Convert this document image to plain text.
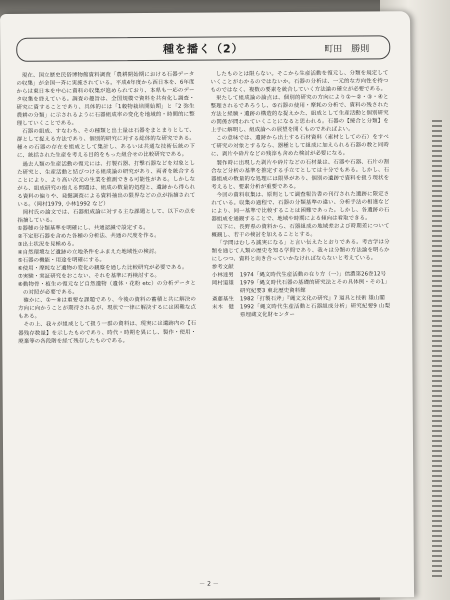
種を播く（2）	町田　勝則

現在、国立歴史民俗博物館資料調査「農耕開始期における石器データの収集」が全国一斉に実施されている。平成4年度から西日本を、6年度からは東日本を中心に資料の収集が進められており、本県も一応のデータ収集を終えている。調査の趣旨は、全国規模で資料を共有化し調査・研究に資することであり、具体的には「1穀物栽培開始期」と「2 弥生農耕の分類」に示されるように石器組成率の変化を地域的・時間的に整理していくことである。

石器の組成、すなわち、その種類と出土量は石器をまとまりとして、群として捉える方法であり、個別的研究に対する総体的な研究である。種々の石器の存在を組成として集計し、あるいは共通な技術伝統の下に、統括された生産を考える目的をもった組合せの比較研究である。

過去人類の生産活動の復元には、打製石器、打撃石器などを対象とした研究と、生産活動と結びつける組成論の研究があり、両者を統合することにより、より高い次元の生業を推測できる可能性がある。しかしながら、組成研究の抱える問題は、組成の数量的処理と、遺跡から得られる資料の偏りや、発掘調査による資料抽出の限界などの点が指摘されている。（岡村1979, 小林1992 など）

岡村氏の論文では、石器組成論に対する主な課題として、以下の点を指摘している。

①器種の分類基準を明確にし、共通認識で設定する。
②不定形石器を含めた各種の分析法、共通の尺度を作る。
③出土状況を見極める。
④自然環境など遺跡の立地条件をふまえた地域性の検討。
⑤石器の機能・用途を明確にする。
⑥使用・摩耗など遺物の変化の観察を通した比較研究が必要である。
⑦実験・実証研究をおこない、それを基準に再検討する。
⑧動物骨・植生の復元など自然遺物（遺体・花粉 etc）の分析データとの対照が必要である。

確かに、①〜⑧は重要な課題であり、今後の資料の蓄積と共に解決の方向に向かうことが期待されるが、現状で一律に解決するには困難な点もある。

その上、我々が組成として扱う一群の資料は、現実には遺跡内の【石器残存数量】を示したものであり、時代・時期を異にし、製作・使用・廃棄等の各段階を経て残存したものである。

したものとは限らない。そこから生産活動を復元し、分類を規定していくことがわかるのではないか。石器の分析は、一元的な方向性を持つものではなく、複数の要素を統合していく方法論の確立が必要である。

果たして組成論の論点は、個別的研究の方向により①〜②・③・④と整理されるであろうし、⑤石器の使用・摩耗の分析で、資料の残された方法と経験・遺跡の構造的な捉えかた、組成として生産活動と個別研究の関係が問われていくことになると思われる。石器の【接合と分類】を上手に解明し、組成論への展望を開くものであればよい。

この意味では、遺跡から出土する石材資料（素材としての石）をすべて研究の対象とするなら、器種として組成に加えられる石器の数と同時に、剥片や砕片などの残滓も含めた検討が必要になる。

製作時に出現した剥片や砕片などの石材量は、石器や石器、石片の割合など分析の基準を推定する手立てとしては十分でもある。しかし、石器組成の数量的な処理には限界があり、個別の遺跡で資料を扱う現状を考えると、要素分析が重要である。

今回の資料収集は、原則として調査報告書の刊行された遺跡に限定されている。収集の過程で、石器の分類基準の違い、分析手法の相違などにより、同一基準で比較することは困難であった。しかし、各遺跡の石器組成を通観することで、地域や時期による傾向は看取できる。

以下に、長野県の資料から、石器組成の地域差および時期差について概観し、若干の検討を加えることとする。

「学問はむしろ誠実になる」と言い伝えたとおりである。考古学は分類を通じて人類の歴史を知る学問であり、我々は分類の方法論を明らかにしつつ、資料と向き合っていかなければならないと考えている。

参考文献
小林達男	1974「縄文時代生産活動の在り方（一）」信濃第26巻12号
岡村道雄	1979「縄文時代石器の基礎的研究法とその具体例・その1」研究紀要3 東北歴史資料館
斎藤基生	1982「打製石斧」『縄文文化の研究』7 道具と技術 雄山閣
末木　健	1992「縄文時代生産活動と石器組成分析」研究紀要9 山梨県埋蔵文化財センター
－ 2 －
